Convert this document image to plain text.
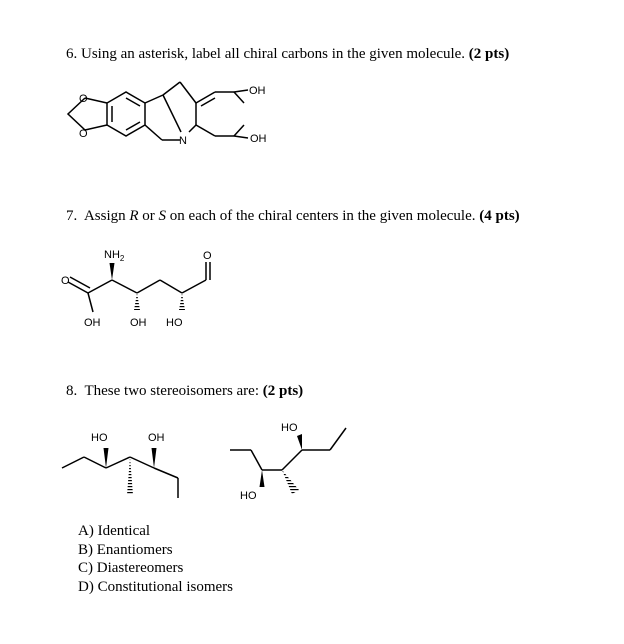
6. Using an asterisk, label all chiral carbons in the given molecule. (2 pts)
7. Assign R or S on each of the chiral centers in the given molecule. (4 pts)
8. These two stereoisomers are: (2 pts)
A) Identical
B) Enantiomers
C) Diastereomers
D) Constitutional isomers
O
O
N
OH
OH
$NH_2$
O
O
OH	OH HO
HO	OH
HO
HO
